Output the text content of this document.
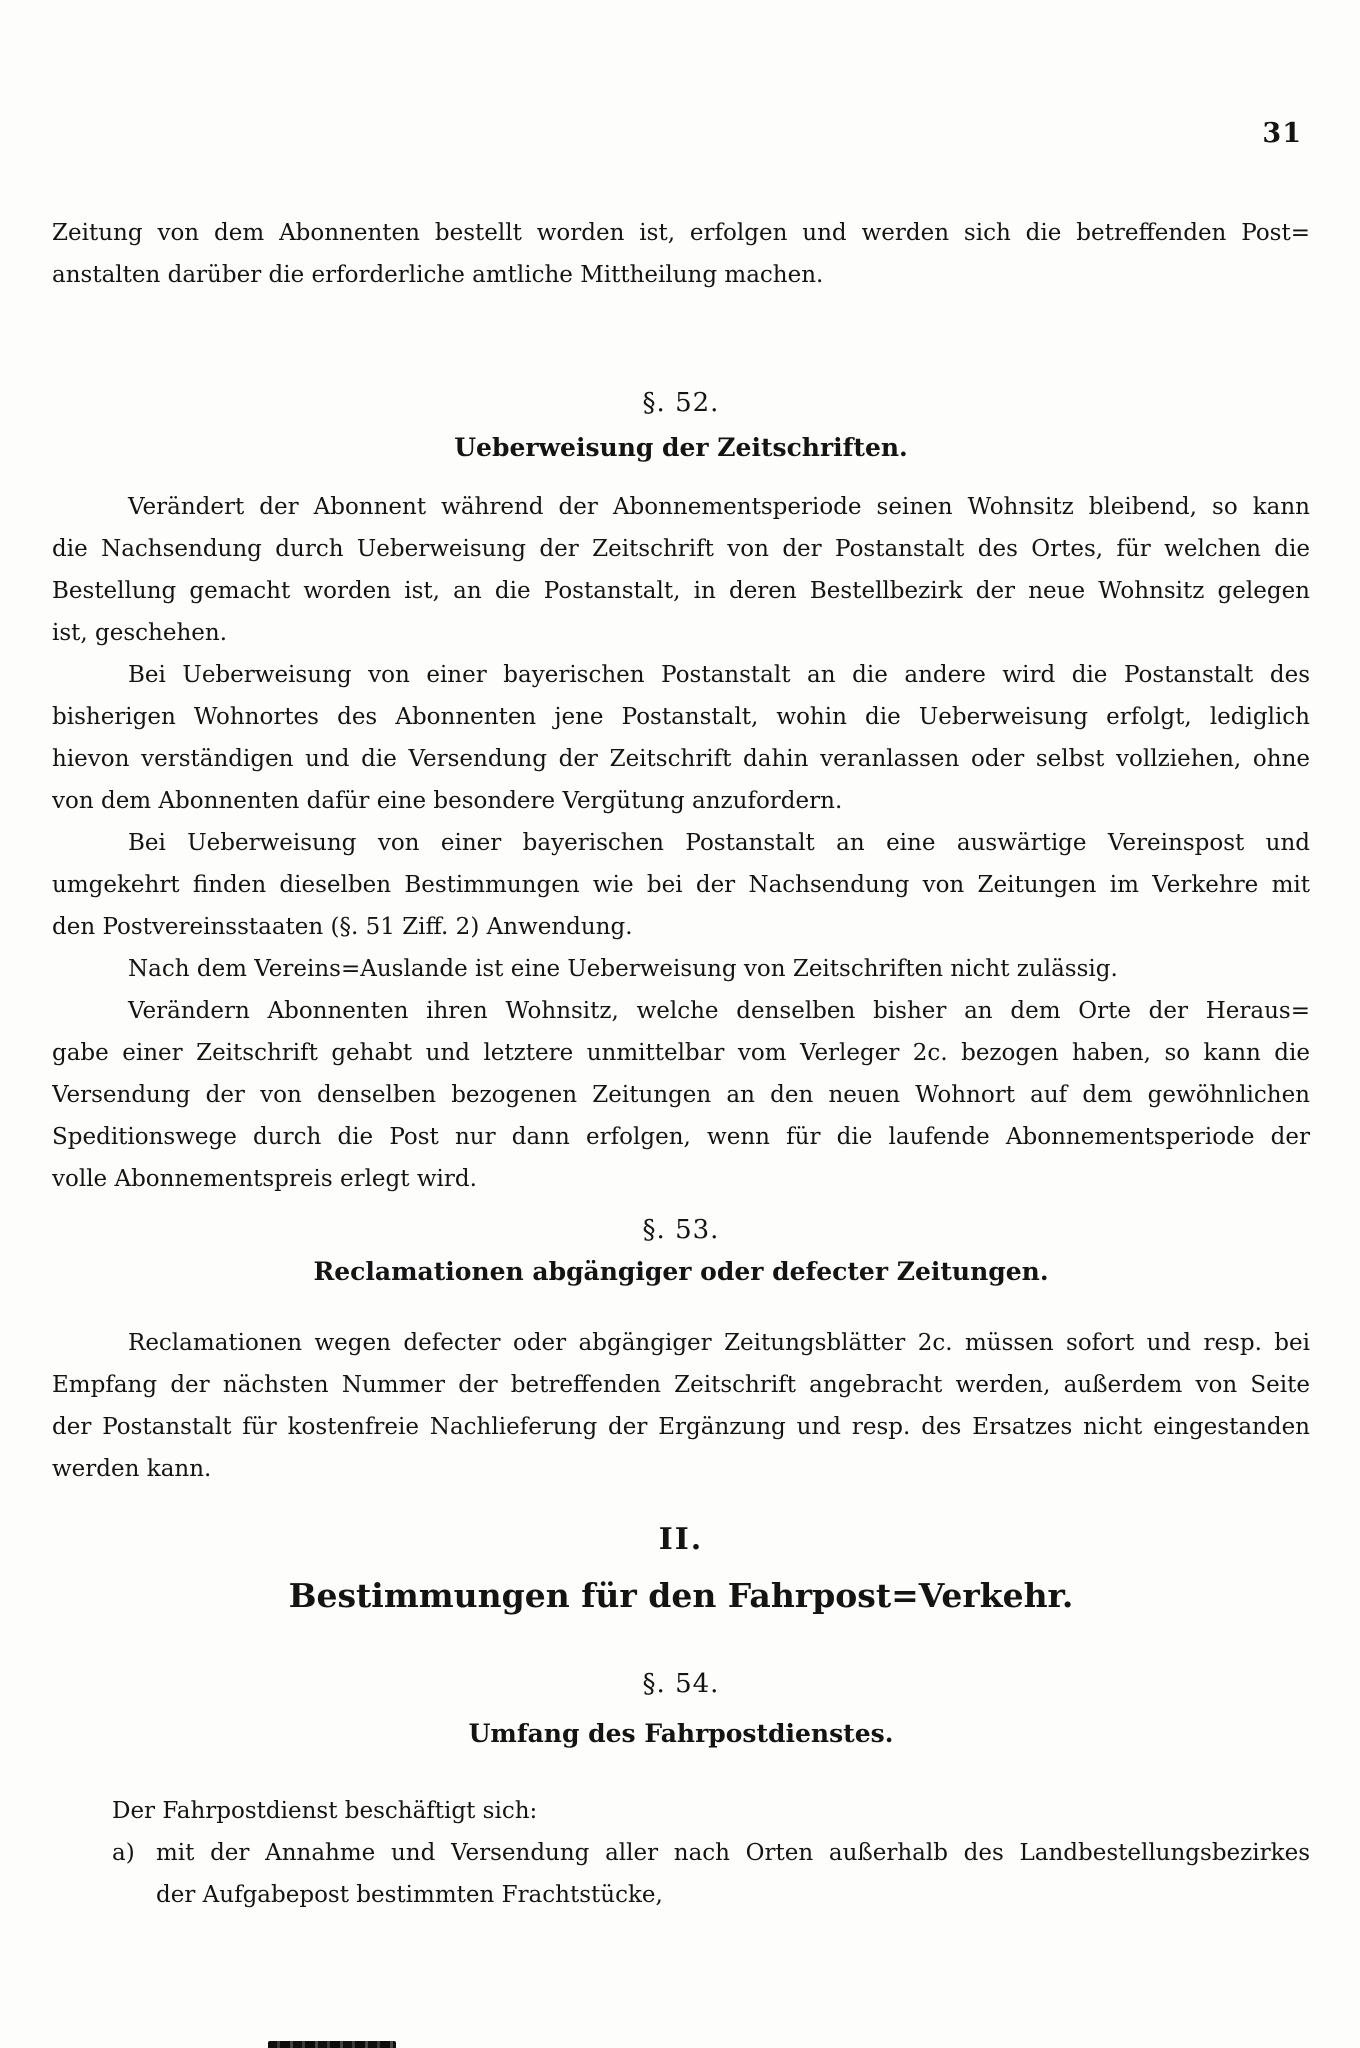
31
Zeitung von dem Abonnenten bestellt worden ist, erfolgen und werden sich die betreffenden Post=
anstalten darüber die erforderliche amtliche Mittheilung machen.
§. 52.
Ueberweisung der Zeitschriften.
Verändert der Abonnent während der Abonnementsperiode seinen Wohnsitz bleibend, so kann
die Nachsendung durch Ueberweisung der Zeitschrift von der Postanstalt des Ortes, für welchen die
Bestellung gemacht worden ist, an die Postanstalt, in deren Bestellbezirk der neue Wohnsitz gelegen
ist, geschehen.
Bei Ueberweisung von einer bayerischen Postanstalt an die andere wird die Postanstalt des
bisherigen Wohnortes des Abonnenten jene Postanstalt, wohin die Ueberweisung erfolgt, lediglich
hievon verständigen und die Versendung der Zeitschrift dahin veranlassen oder selbst vollziehen, ohne
von dem Abonnenten dafür eine besondere Vergütung anzufordern.
Bei Ueberweisung von einer bayerischen Postanstalt an eine auswärtige Vereinspost und
umgekehrt finden dieselben Bestimmungen wie bei der Nachsendung von Zeitungen im Verkehre mit
den Postvereinsstaaten (§. 51 Ziff. 2) Anwendung.
Nach dem Vereins=Auslande ist eine Ueberweisung von Zeitschriften nicht zulässig.
Verändern Abonnenten ihren Wohnsitz, welche denselben bisher an dem Orte der Heraus=
gabe einer Zeitschrift gehabt und letztere unmittelbar vom Verleger 2c. bezogen haben, so kann die
Versendung der von denselben bezogenen Zeitungen an den neuen Wohnort auf dem gewöhnlichen
Speditionswege durch die Post nur dann erfolgen, wenn für die laufende Abonnementsperiode der
volle Abonnementspreis erlegt wird.
§. 53.
Reclamationen abgängiger oder defecter Zeitungen.
Reclamationen wegen defecter oder abgängiger Zeitungsblätter 2c. müssen sofort und resp. bei
Empfang der nächsten Nummer der betreffenden Zeitschrift angebracht werden, außerdem von Seite
der Postanstalt für kostenfreie Nachlieferung der Ergänzung und resp. des Ersatzes nicht eingestanden
werden kann.
II.
Bestimmungen für den Fahrpost=Verkehr.
§. 54.
Umfang des Fahrpostdienstes.
Der Fahrpostdienst beschäftigt sich:
a) mit der Annahme und Versendung aller nach Orten außerhalb des Landbestellungsbezirkes
der Aufgabepost bestimmten Frachtstücke,
